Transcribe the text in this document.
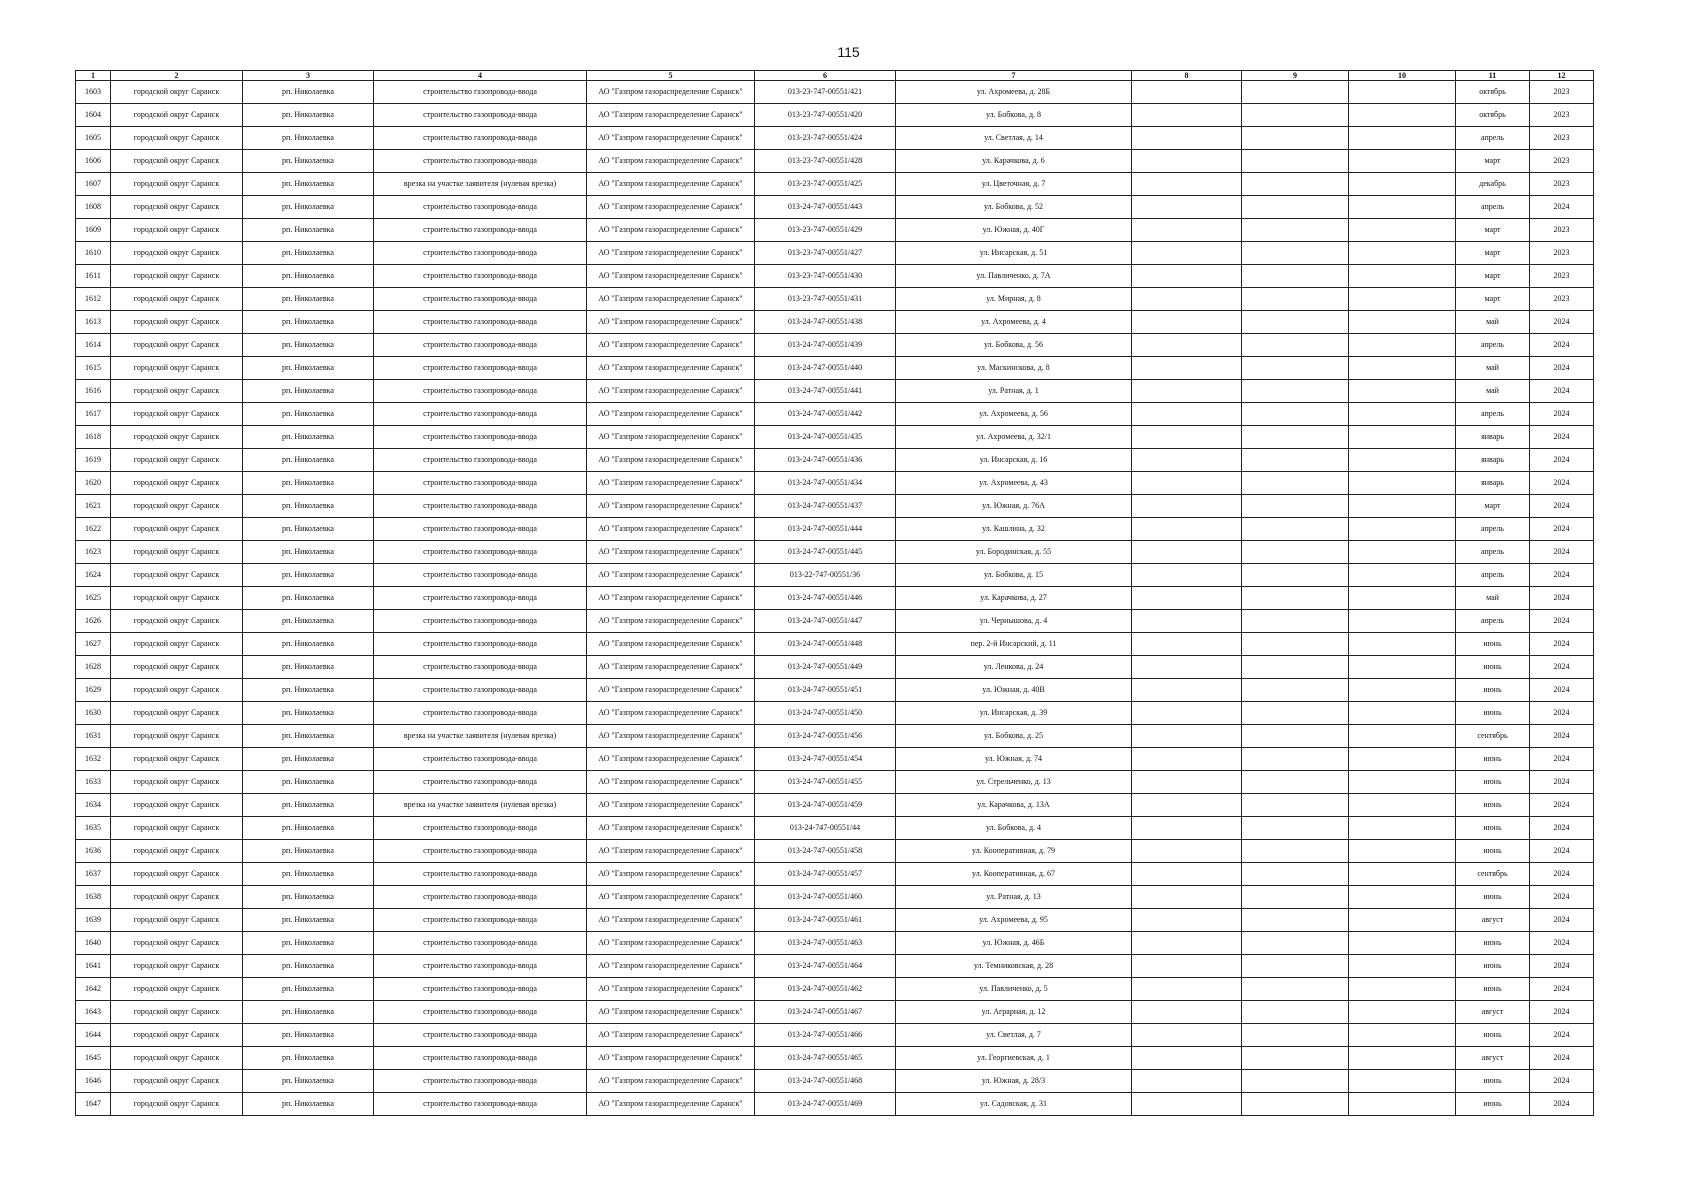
115
1	2	3	4	5	6	7	8	9	10	11	12
1603	городской округ Саранск	рп. Николаевка	строительство газопровода-ввода	АО "Газпром газораспределение Саранск"	013-23-747-00551/421	ул. Ахромеева, д. 28Б				октябрь	2023
1604	городской округ Саранск	рп. Николаевка	строительство газопровода-ввода	АО "Газпром газораспределение Саранск"	013-23-747-00551/420	ул. Бобкова, д. 8				октябрь	2023
1605	городской округ Саранск	рп. Николаевка	строительство газопровода-ввода	АО "Газпром газораспределение Саранск"	013-23-747-00551/424	ул. Светлая, д. 14				апрель	2023
1606	городской округ Саранск	рп. Николаевка	строительство газопровода-ввода	АО "Газпром газораспределение Саранск"	013-23-747-00551/428	ул. Карачкова, д. 6				март	2023
1607	городской округ Саранск	рп. Николаевка	врезка на участке заявителя (нулевая врезка)	АО "Газпром газораспределение Саранск"	013-23-747-00551/425	ул. Цветочная, д. 7				декабрь	2023
1608	городской округ Саранск	рп. Николаевка	строительство газопровода-ввода	АО "Газпром газораспределение Саранск"	013-24-747-00551/443	ул. Бобкова, д. 52				апрель	2024
1609	городской округ Саранск	рп. Николаевка	строительство газопровода-ввода	АО "Газпром газораспределение Саранск"	013-23-747-00551/429	ул. Южная, д. 40Г				март	2023
1610	городской округ Саранск	рп. Николаевка	строительство газопровода-ввода	АО "Газпром газораспределение Саранск"	013-23-747-00551/427	ул. Инсарская, д. 51				март	2023
1611	городской округ Саранск	рп. Николаевка	строительство газопровода-ввода	АО "Газпром газораспределение Саранск"	013-23-747-00551/430	ул. Павличенко, д. 7А				март	2023
1612	городской округ Саранск	рп. Николаевка	строительство газопровода-ввода	АО "Газпром газораспределение Саранск"	013-23-747-00551/431	ул. Мирная, д. 8				март	2023
1613	городской округ Саранск	рп. Николаевка	строительство газопровода-ввода	АО "Газпром газораспределение Саранск"	013-24-747-00551/438	ул. Ахромеева, д. 4				май	2024
1614	городской округ Саранск	рп. Николаевка	строительство газопровода-ввода	АО "Газпром газораспределение Саранск"	013-24-747-00551/439	ул. Бобкова, д. 56				апрель	2024
1615	городской округ Саранск	рп. Николаевка	строительство газопровода-ввода	АО "Газпром газораспределение Саранск"	013-24-747-00551/440	ул. Маскинскова, д. 8				май	2024
1616	городской округ Саранск	рп. Николаевка	строительство газопровода-ввода	АО "Газпром газораспределение Саранск"	013-24-747-00551/441	ул. Ратная, д. 1				май	2024
1617	городской округ Саранск	рп. Николаевка	строительство газопровода-ввода	АО "Газпром газораспределение Саранск"	013-24-747-00551/442	ул. Ахромеева, д. 56				апрель	2024
1618	городской округ Саранск	рп. Николаевка	строительство газопровода-ввода	АО "Газпром газораспределение Саранск"	013-24-747-00551/435	ул. Ахромеева, д. 32/1				январь	2024
1619	городской округ Саранск	рп. Николаевка	строительство газопровода-ввода	АО "Газпром газораспределение Саранск"	013-24-747-00551/436	ул. Инсарская, д. 16				январь	2024
1620	городской округ Саранск	рп. Николаевка	строительство газопровода-ввода	АО "Газпром газораспределение Саранск"	013-24-747-00551/434	ул. Ахромеева, д. 43				январь	2024
1621	городской округ Саранск	рп. Николаевка	строительство газопровода-ввода	АО "Газпром газораспределение Саранск"	013-24-747-00551/437	ул. Южная, д. 76А				март	2024
1622	городской округ Саранск	рп. Николаевка	строительство газопровода-ввода	АО "Газпром газораспределение Саранск"	013-24-747-00551/444	ул. Кашлина, д. 32				апрель	2024
1623	городской округ Саранск	рп. Николаевка	строительство газопровода-ввода	АО "Газпром газораспределение Саранск"	013-24-747-00551/445	ул. Бородинская, д. 55				апрель	2024
1624	городской округ Саранск	рп. Николаевка	строительство газопровода-ввода	АО "Газпром газораспределение Саранск"	013-22-747-00551/36	ул. Бобкова, д. 15				апрель	2024
1625	городской округ Саранск	рп. Николаевка	строительство газопровода-ввода	АО "Газпром газораспределение Саранск"	013-24-747-00551/446	ул. Карачкова, д. 27				май	2024
1626	городской округ Саранск	рп. Николаевка	строительство газопровода-ввода	АО "Газпром газораспределение Саранск"	013-24-747-00551/447	ул. Чернышова, д. 4				апрель	2024
1627	городской округ Саранск	рп. Николаевка	строительство газопровода-ввода	АО "Газпром газораспределение Саранск"	013-24-747-00551/448	пер. 2-й Инсарский, д. 11				июнь	2024
1628	городской округ Саранск	рп. Николаевка	строительство газопровода-ввода	АО "Газпром газораспределение Саранск"	013-24-747-00551/449	ул. Ленкова, д. 24				июнь	2024
1629	городской округ Саранск	рп. Николаевка	строительство газопровода-ввода	АО "Газпром газораспределение Саранск"	013-24-747-00551/451	ул. Южная, д. 40В				июнь	2024
1630	городской округ Саранск	рп. Николаевка	строительство газопровода-ввода	АО "Газпром газораспределение Саранск"	013-24-747-00551/450	ул. Инсарская, д. 39				июнь	2024
1631	городской округ Саранск	рп. Николаевка	врезка на участке заявителя (нулевая врезка)	АО "Газпром газораспределение Саранск"	013-24-747-00551/456	ул. Бобкова, д. 25				сентябрь	2024
1632	городской округ Саранск	рп. Николаевка	строительство газопровода-ввода	АО "Газпром газораспределение Саранск"	013-24-747-00551/454	ул. Южная, д. 74				июнь	2024
1633	городской округ Саранск	рп. Николаевка	строительство газопровода-ввода	АО "Газпром газораспределение Саранск"	013-24-747-00551/455	ул. Стрельченко, д. 13				июнь	2024
1634	городской округ Саранск	рп. Николаевка	врезка на участке заявителя (нулевая врезка)	АО "Газпром газораспределение Саранск"	013-24-747-00551/459	ул. Карачкова, д. 13А				июнь	2024
1635	городской округ Саранск	рп. Николаевка	строительство газопровода-ввода	АО "Газпром газораспределение Саранск"	013-24-747-00551/44	ул. Бобкова, д. 4				июнь	2024
1636	городской округ Саранск	рп. Николаевка	строительство газопровода-ввода	АО "Газпром газораспределение Саранск"	013-24-747-00551/458	ул. Кооперативная, д. 79				июнь	2024
1637	городской округ Саранск	рп. Николаевка	строительство газопровода-ввода	АО "Газпром газораспределение Саранск"	013-24-747-00551/457	ул. Кооперативная, д. 67				сентябрь	2024
1638	городской округ Саранск	рп. Николаевка	строительство газопровода-ввода	АО "Газпром газораспределение Саранск"	013-24-747-00551/460	ул. Ратная, д. 13				июнь	2024
1639	городской округ Саранск	рп. Николаевка	строительство газопровода-ввода	АО "Газпром газораспределение Саранск"	013-24-747-00551/461	ул. Ахромеева, д. 95				август	2024
1640	городской округ Саранск	рп. Николаевка	строительство газопровода-ввода	АО "Газпром газораспределение Саранск"	013-24-747-00551/463	ул. Южная, д. 46Б				июнь	2024
1641	городской округ Саранск	рп. Николаевка	строительство газопровода-ввода	АО "Газпром газораспределение Саранск"	013-24-747-00551/464	ул. Темниковская, д. 28				июнь	2024
1642	городской округ Саранск	рп. Николаевка	строительство газопровода-ввода	АО "Газпром газораспределение Саранск"	013-24-747-00551/462	ул. Павличенко, д. 5				июнь	2024
1643	городской округ Саранск	рп. Николаевка	строительство газопровода-ввода	АО "Газпром газораспределение Саранск"	013-24-747-00551/467	ул. Аграрная, д. 12				август	2024
1644	городской округ Саранск	рп. Николаевка	строительство газопровода-ввода	АО "Газпром газораспределение Саранск"	013-24-747-00551/466	ул. Светлая, д. 7				июнь	2024
1645	городской округ Саранск	рп. Николаевка	строительство газопровода-ввода	АО "Газпром газораспределение Саранск"	013-24-747-00551/465	ул. Георгиевская, д. 1				август	2024
1646	городской округ Саранск	рп. Николаевка	строительство газопровода-ввода	АО "Газпром газораспределение Саранск"	013-24-747-00551/468	ул. Южная, д. 28/3				июнь	2024
1647	городской округ Саранск	рп. Николаевка	строительство газопровода-ввода	АО "Газпром газораспределение Саранск"	013-24-747-00551/469	ул. Садовская, д. 31				июнь	2024
